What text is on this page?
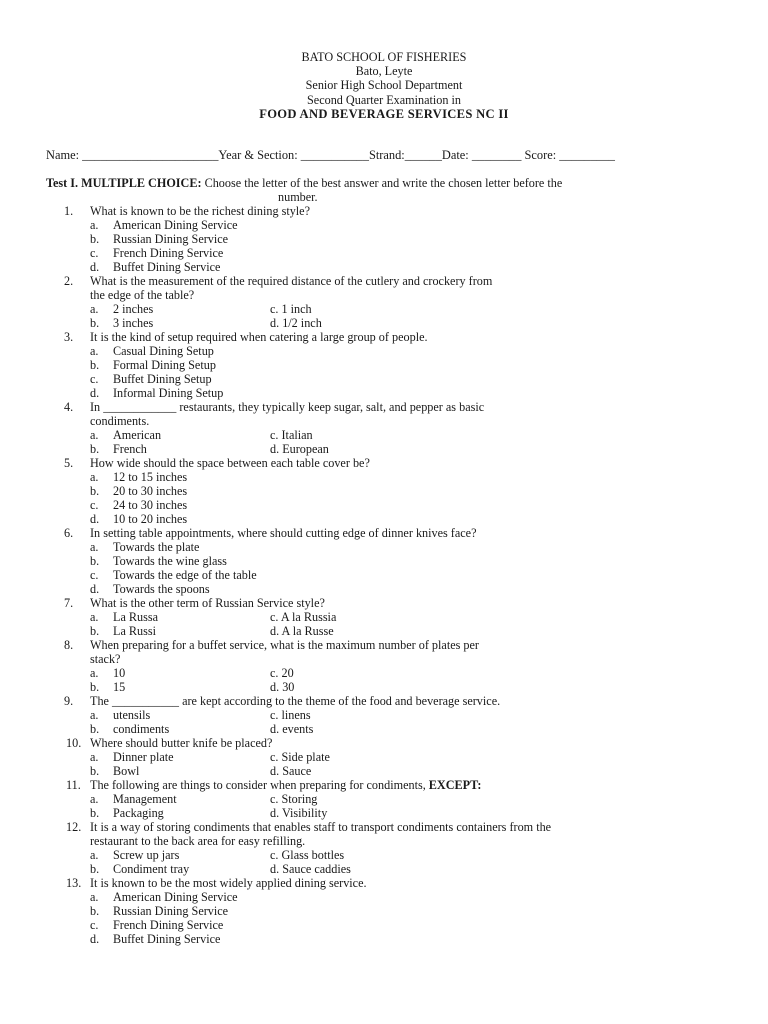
BATO SCHOOL OF FISHERIES
Bato, Leyte
Senior High School Department
Second Quarter Examination in
FOOD AND BEVERAGE SERVICES NC II
Name: ______________________Year & Section: ___________Strand:______Date: ________ Score: _________
Test I. MULTIPLE CHOICE: Choose the letter of the best answer and write the chosen letter before the
number.
1.	What is known to be the richest dining style?
a. American Dining Service
b. Russian Dining Service
c. French Dining Service
d. Buffet Dining Service
2.	What is the measurement of the required distance of the cutlery and crockery from
the edge of the table?
a. 2 inches	c. 1 inch
b. 3 inches	d. 1/2 inch
3.	It is the kind of setup required when catering a large group of people.
a. Casual Dining Setup
b. Formal Dining Setup
c. Buffet Dining Setup
d. Informal Dining Setup
4.	In ____________ restaurants, they typically keep sugar, salt, and pepper as basic
condiments.
a. American	c. Italian
b. French	d. European
5.	How wide should the space between each table cover be?
a. 12 to 15 inches
b. 20 to 30 inches
c. 24 to 30 inches
d. 10 to 20 inches
6.	In setting table appointments, where should cutting edge of dinner knives face?
a. Towards the plate
b. Towards the wine glass
c. Towards the edge of the table
d. Towards the spoons
7.	What is the other term of Russian Service style?
a. La Russa	c. A la Russia
b. La Russi	d. A la Russe
8.	When preparing for a buffet service, what is the maximum number of plates per
stack?
a. 10	c. 20
b. 15	d. 30
9.	The ___________ are kept according to the theme of the food and beverage service.
a. utensils	c. linens
b. condiments	d. events
10. Where should butter knife be placed?
a. Dinner plate	c. Side plate
b. Bowl	d. Sauce
11. The following are things to consider when preparing for condiments, EXCEPT:
a. Management	c. Storing
b. Packaging	d. Visibility
12. It is a way of storing condiments that enables staff to transport condiments containers from the
restaurant to the back area for easy refilling.
a. Screw up jars	c. Glass bottles
b. Condiment tray	d. Sauce caddies
13. It is known to be the most widely applied dining service.
a. American Dining Service
b. Russian Dining Service
c. French Dining Service
d. Buffet Dining Service
